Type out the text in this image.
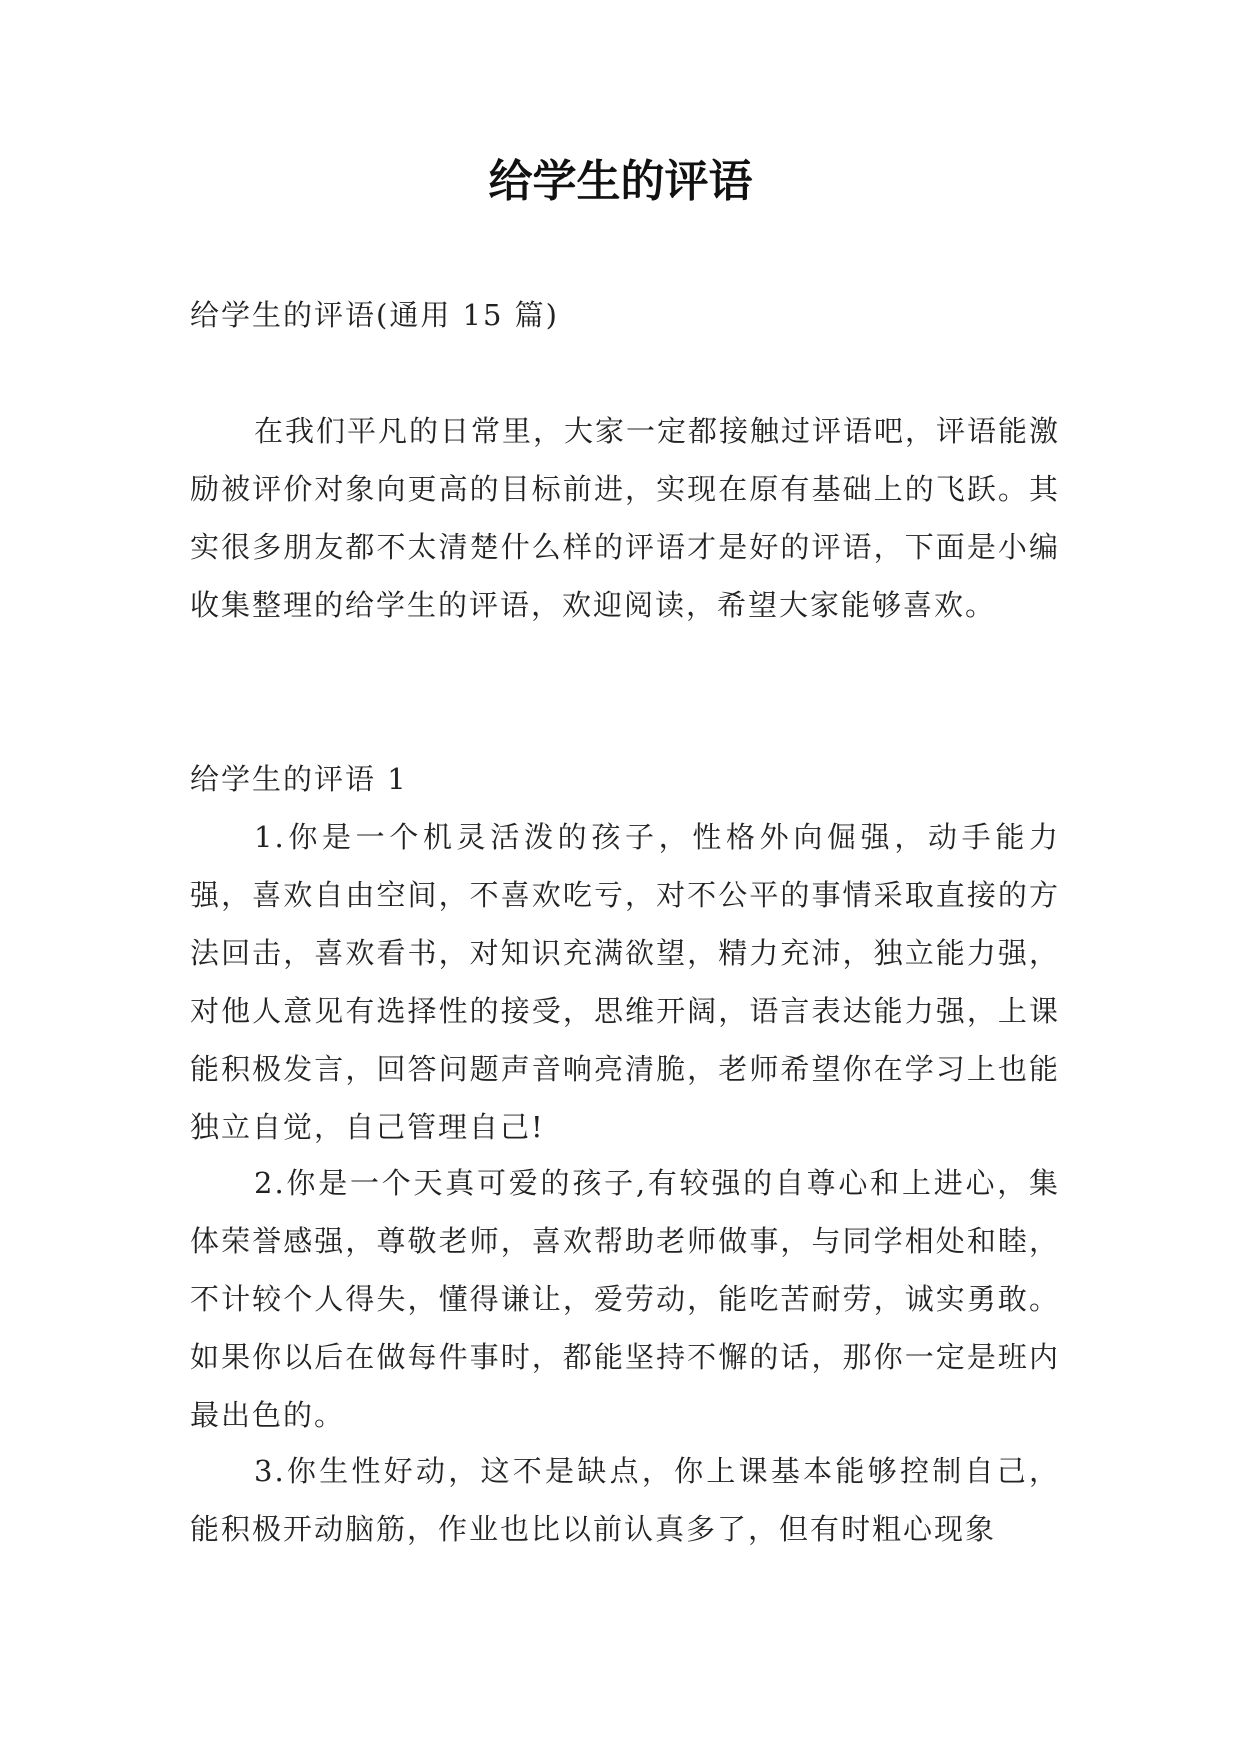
给学生的评语

给学生的评语(通用 15 篇)

在我们平凡的日常里，大家一定都接触过评语吧，评语能激励被评价对象向更高的目标前进，实现在原有基础上的飞跃。其实很多朋友都不太清楚什么样的评语才是好的评语，下面是小编收集整理的给学生的评语，欢迎阅读，希望大家能够喜欢。

给学生的评语 1

1.你是一个机灵活泼的孩子，性格外向倔强，动手能力强，喜欢自由空间，不喜欢吃亏，对不公平的事情采取直接的方法回击，喜欢看书，对知识充满欲望，精力充沛，独立能力强，对他人意见有选择性的接受，思维开阔，语言表达能力强，上课能积极发言，回答问题声音响亮清脆，老师希望你在学习上也能独立自觉，自己管理自己!

2.你是一个天真可爱的孩子,有较强的自尊心和上进心，集体荣誉感强，尊敬老师，喜欢帮助老师做事，与同学相处和睦，不计较个人得失，懂得谦让，爱劳动，能吃苦耐劳，诚实勇敢。如果你以后在做每件事时，都能坚持不懈的话，那你一定是班内最出色的。

3.你生性好动，这不是缺点，你上课基本能够控制自己，能积极开动脑筋，作业也比以前认真多了，但有时粗心现象
